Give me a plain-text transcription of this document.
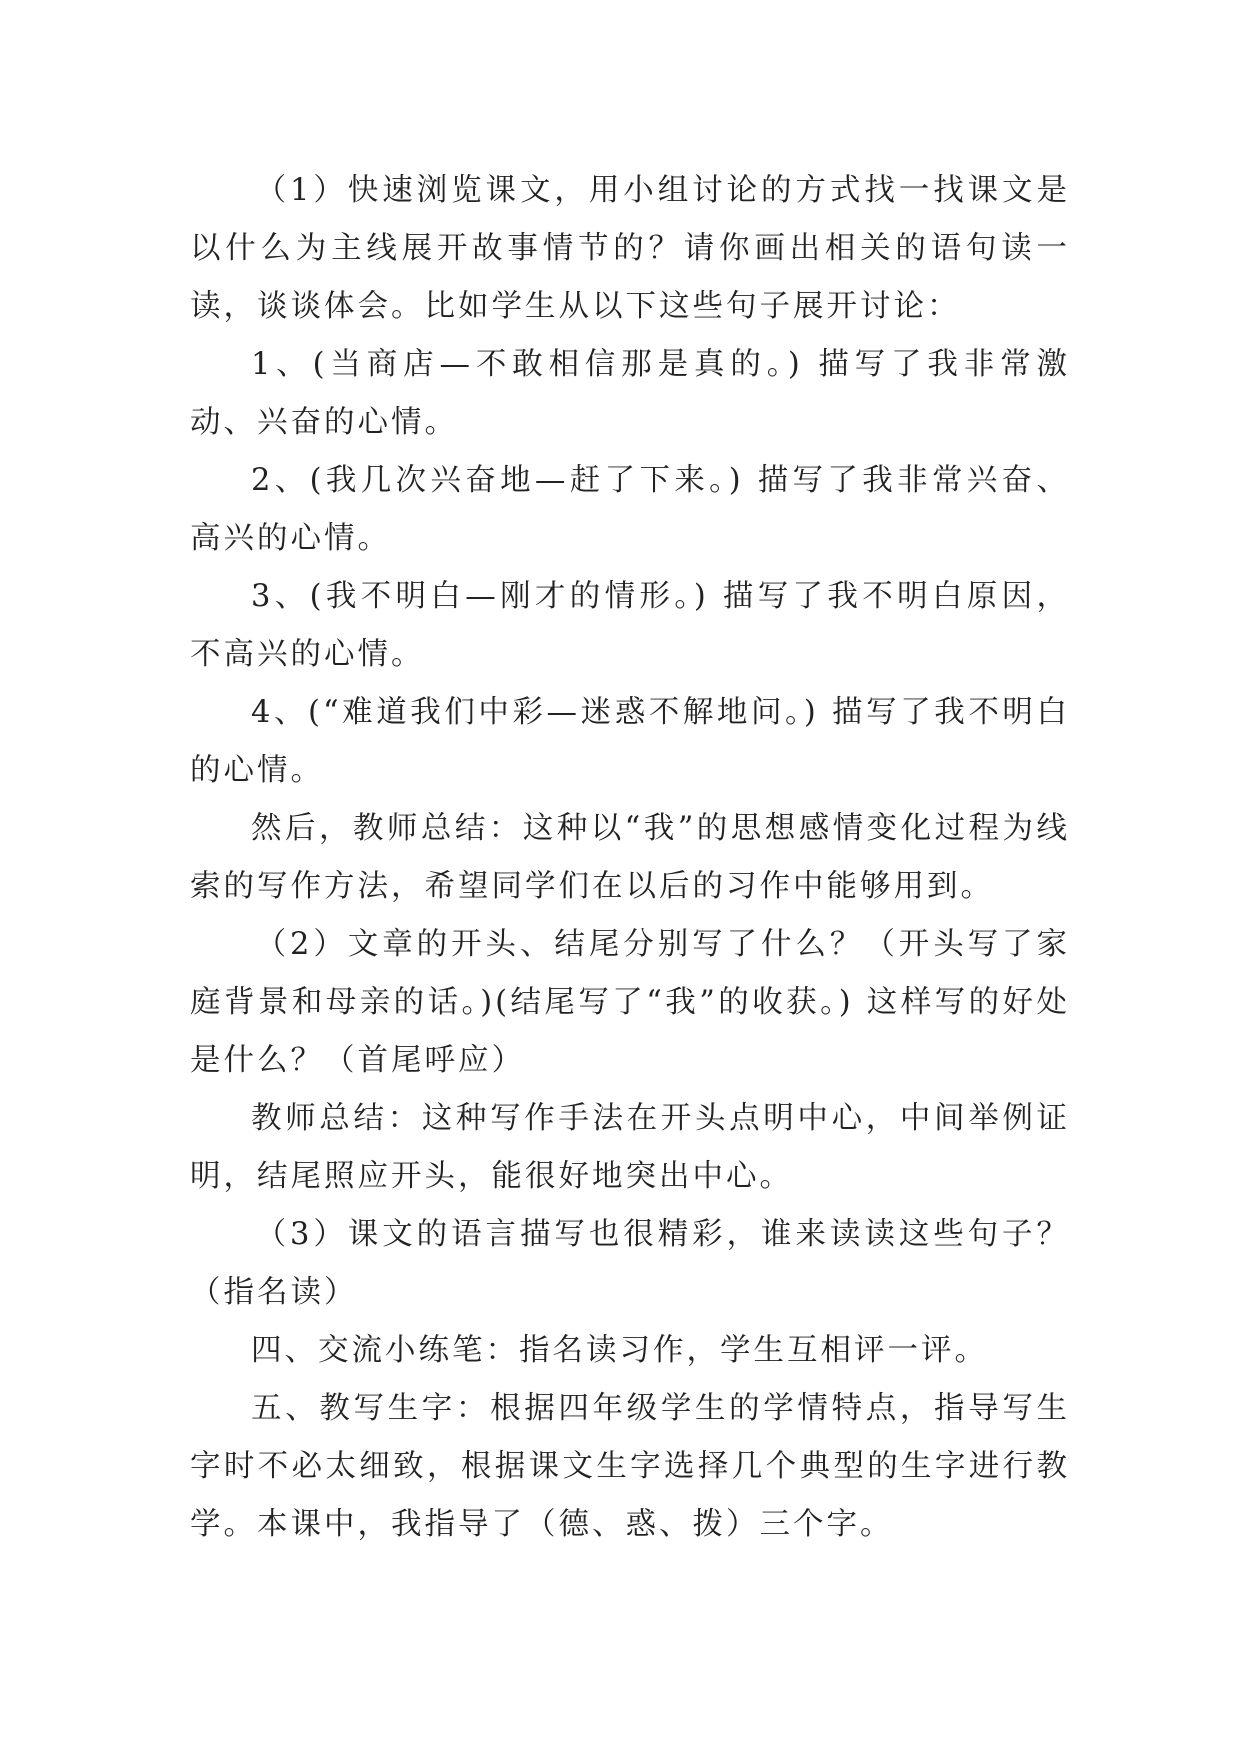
（1）快速浏览课文，用小组讨论的方式找一找课文是以什么为主线展开故事情节的？请你画出相关的语句读一读，谈谈体会。比如学生从以下这些句子展开讨论：

1、(当商店—不敢相信那是真的。) 描写了我非常激动、兴奋的心情。

2、(我几次兴奋地—赶了下来。) 描写了我非常兴奋、高兴的心情。

3、(我不明白—刚才的情形。) 描写了我不明白原因，不高兴的心情。

4、(“难道我们中彩—迷惑不解地问。) 描写了我不明白的心情。

然后，教师总结：这种以“我”的思想感情变化过程为线索的写作方法，希望同学们在以后的习作中能够用到。

（2）文章的开头、结尾分别写了什么？（开头写了家庭背景和母亲的话。)(结尾写了“我”的收获。) 这样写的好处是什么？（首尾呼应）

教师总结：这种写作手法在开头点明中心，中间举例证明，结尾照应开头，能很好地突出中心。

（3）课文的语言描写也很精彩，谁来读读这些句子？（指名读）

四、交流小练笔：指名读习作，学生互相评一评。

五、教写生字：根据四年级学生的学情特点，指导写生字时不必太细致，根据课文生字选择几个典型的生字进行教学。本课中，我指导了（德、惑、拨）三个字。
